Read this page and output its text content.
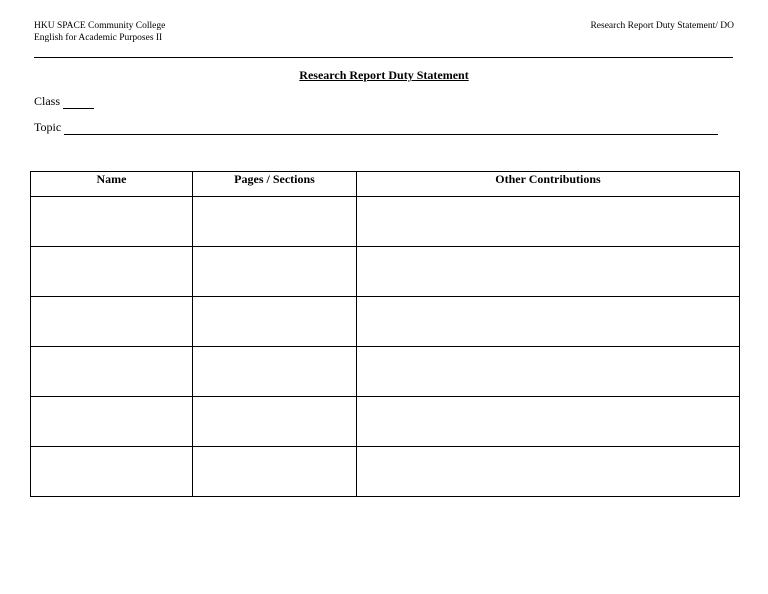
HKU SPACE Community College
English for Academic Purposes II
Research Report Duty Statement/ DO
Research Report Duty Statement
Class
Topic
Name	Pages / Sections	Other Contributions
